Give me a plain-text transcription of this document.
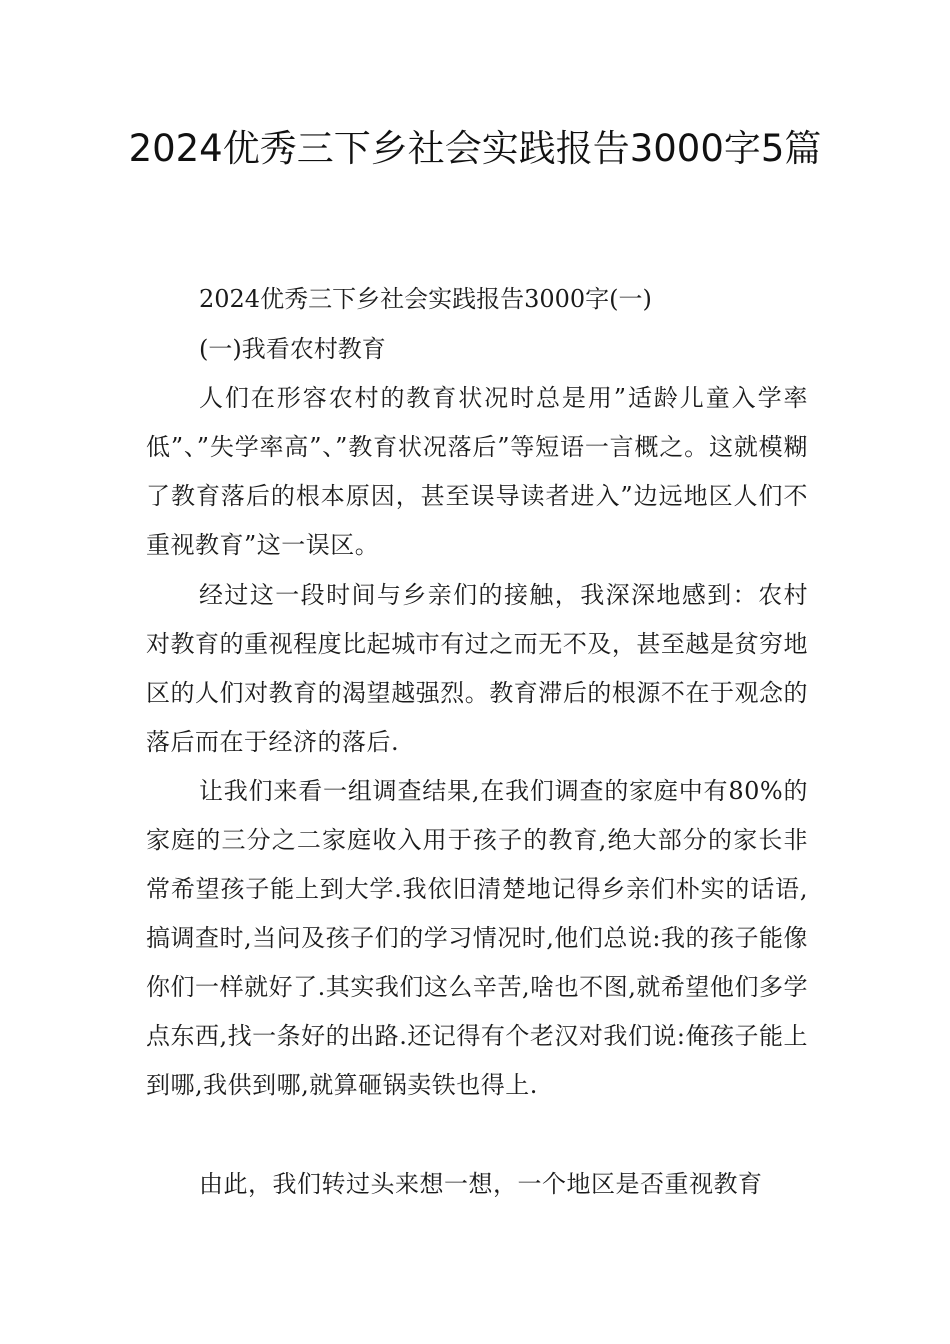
2024优秀三下乡社会实践报告3000字5篇

2024优秀三下乡社会实践报告3000字(一)

(一)我看农村教育

人们在形容农村的教育状况时总是用”适龄儿童入学率低”、”失学率高”、”教育状况落后”等短语一言概之。这就模糊了教育落后的根本原因，甚至误导读者进入”边远地区人们不重视教育”这一误区。

经过这一段时间与乡亲们的接触，我深深地感到：农村对教育的重视程度比起城市有过之而无不及，甚至越是贫穷地区的人们对教育的渴望越强烈。教育滞后的根源不在于观念的落后而在于经济的落后.

让我们来看一组调查结果,在我们调查的家庭中有80%的家庭的三分之二家庭收入用于孩子的教育,绝大部分的家长非常希望孩子能上到大学.我依旧清楚地记得乡亲们朴实的话语,搞调查时,当问及孩子们的学习情况时,他们总说:我的孩子能像你们一样就好了.其实我们这么辛苦,啥也不图,就希望他们多学点东西,找一条好的出路.还记得有个老汉对我们说:俺孩子能上到哪,我供到哪,就算砸锅卖铁也得上.

由此，我们转过头来想一想，一个地区是否重视教育
